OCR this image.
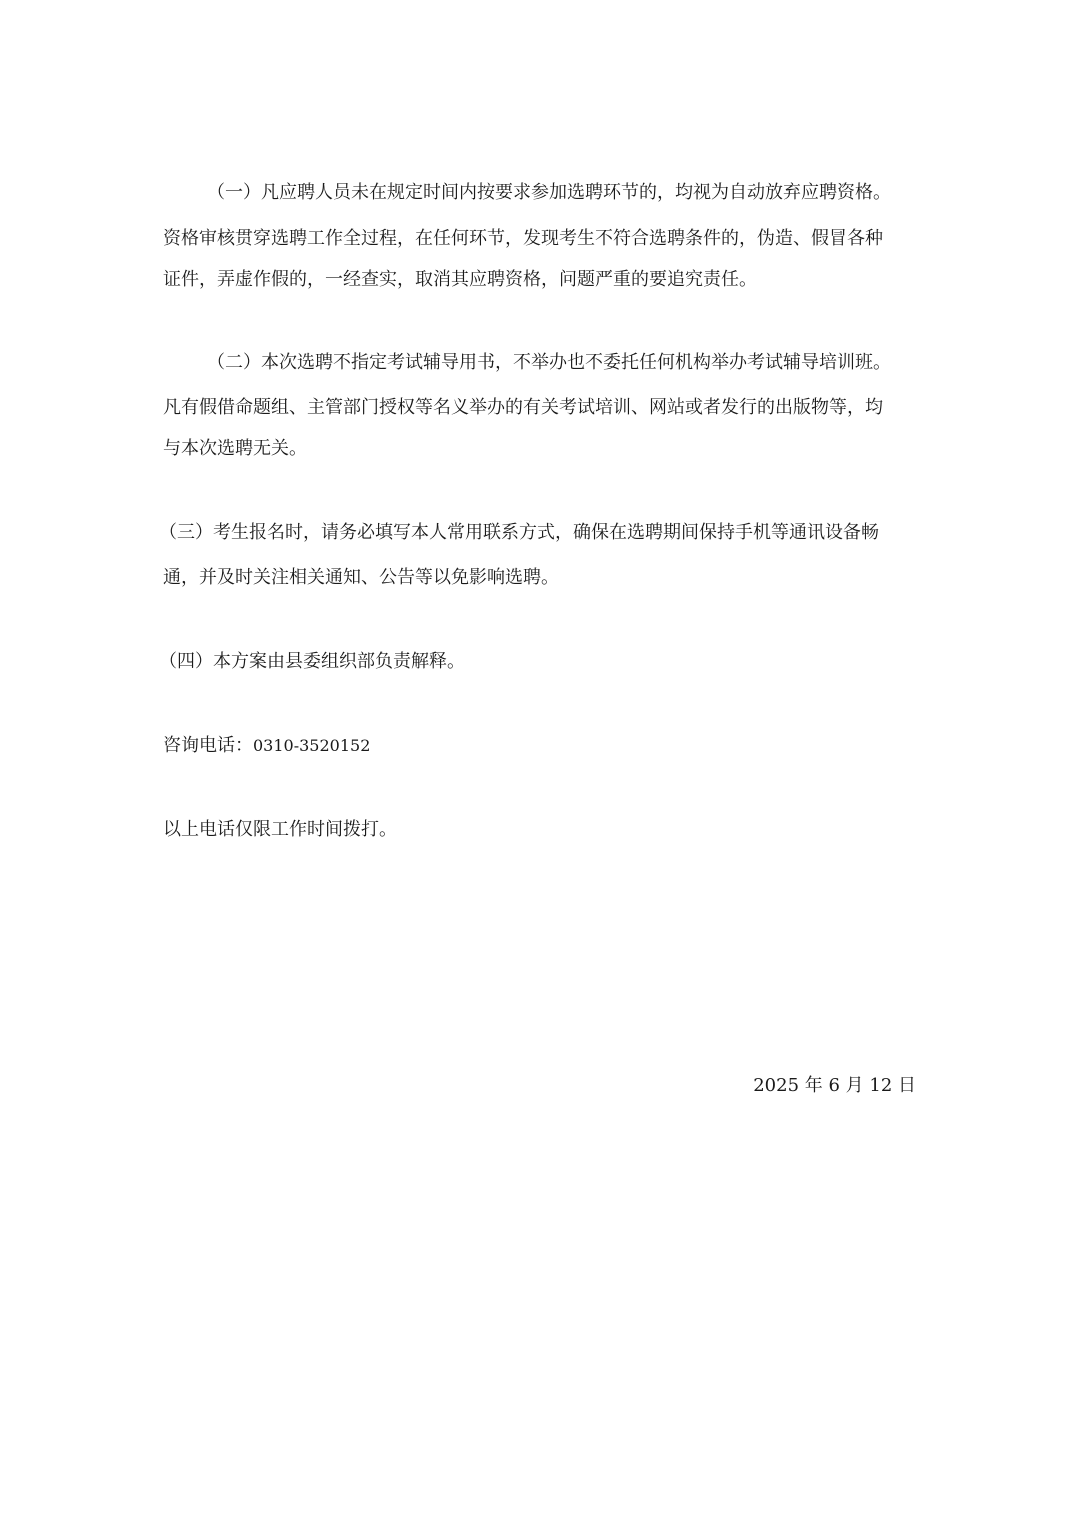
（一）凡应聘人员未在规定时间内按要求参加选聘环节的，均视为自动放弃应聘资格。
资格审核贯穿选聘工作全过程，在任何环节，发现考生不符合选聘条件的，伪造、假冒各种
证件，弄虚作假的，一经查实，取消其应聘资格，问题严重的要追究责任。
（二）本次选聘不指定考试辅导用书，不举办也不委托任何机构举办考试辅导培训班。
凡有假借命题组、主管部门授权等名义举办的有关考试培训、网站或者发行的出版物等，均
与本次选聘无关。
（三）考生报名时，请务必填写本人常用联系方式，确保在选聘期间保持手机等通讯设备畅
通，并及时关注相关通知、公告等以免影响选聘。
（四）本方案由县委组织部负责解释。
咨询电话：0310-3520152
以上电话仅限工作时间拨打。
2025 年 6 月 12 日
